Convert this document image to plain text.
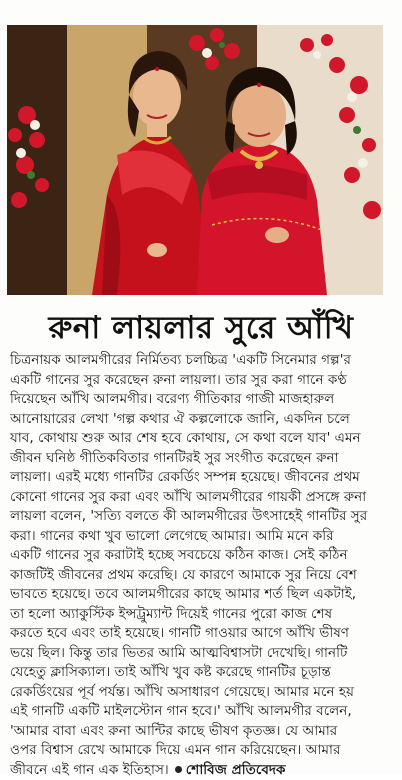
রুনা লায়লার সুরে আঁখি

চিত্রনায়ক আলমগীরের নির্মিতব্য চলচ্চিত্র 'একটি সিনেমার গল্প'র

একটি গানের সুর করেছেন রুনা লায়লা। তার সুর করা গানে কণ্ঠ

দিয়েছেন আঁখি আলমগীর। বরেণ্য গীতিকার গাজী মাজহারুল

আনোয়ারের লেখা 'গল্প কথার ঐ কল্পলোকে জানি, একদিন চলে

যাব, কোথায় শুরু আর শেষ হবে কোথায়, সে কথা বলে যাব' এমন

জীবন ঘনিষ্ঠ গীতিকবিতার গানটিরই সুর সংগীত করেছেন রুনা

লায়লা। এরই মধ্যে গানটির রেকর্ডিং সম্পন্ন হয়েছে। জীবনের প্রথম

কোনো গানের সুর করা এবং আঁখি আলমগীরের গায়কী প্রসঙ্গে রুনা

লায়লা বলেন, 'সত্যি বলতে কী আলমগীরের উৎসাহেই গানটির সুর

করা। গানের কথা খুব ভালো লেগেছে আমার। আমি মনে করি

একটি গানের সুর করাটাই হচ্ছে সবচেয়ে কঠিন কাজ। সেই কঠিন

কাজটিই জীবনের প্রথম করেছি। যে কারণে আমাকে সুর নিয়ে বেশ

ভাবতে হয়েছে। তবে আলমগীরের কাছে আমার শর্ত ছিল একটাই,

তা হলো অ্যাকুস্টিক ইন্সট্রুম্যান্ট দিয়েই গানের পুরো কাজ শেষ

করতে হবে এবং তাই হয়েছে। গানটি গাওয়ার আগে আঁখি ভীষণ

ভয়ে ছিল। কিন্তু তার ভিতর আমি আত্মবিশ্বাসটা দেখেছি। গানটি

যেহেতু ক্লাসিক্যাল। তাই আঁখি খুব কষ্ট করেছে গানটির চূড়ান্ত

রেকর্ডিংয়ের পূর্ব পর্যন্ত। আঁখি অসাধারণ গেয়েছে। আমার মনে হয়

এই গানটি একটি মাইলস্টোন গান হবে।' আঁখি আলমগীর বলেন,

'আমার বাবা এবং রুনা আন্টির কাছে ভীষণ কৃতজ্ঞ। যে আমার

ওপর বিশ্বাস রেখে আমাকে দিয়ে এমন গান করিয়েছেন। আমার

জীবনে এই গান এক ইতিহাস। শোবিজ প্রতিবেদক
